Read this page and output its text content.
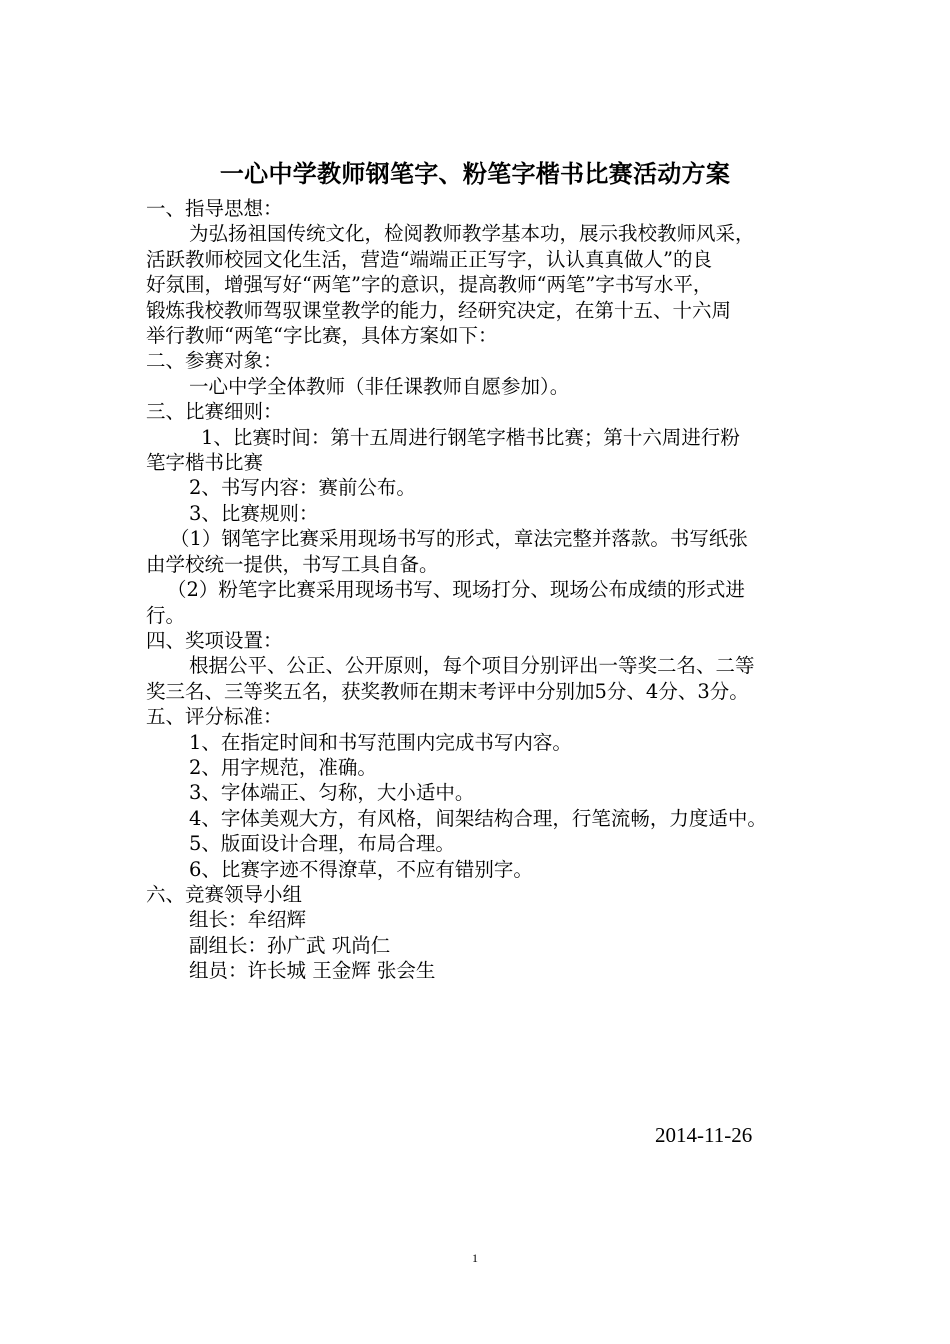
一心中学教师钢笔字、粉笔字楷书比赛活动方案
一、指导思想：
为弘扬祖国传统文化，检阅教师教学基本功，展示我校教师风采，
活跃教师校园文化生活，营造“端端正正写字，认认真真做人”的良
好氛围，增强写好“两笔”字的意识，提高教师“两笔”字书写水平，
锻炼我校教师驾驭课堂教学的能力，经研究决定，在第十五、十六周
举行教师“两笔“字比赛，具体方案如下：
二、参赛对象：
一心中学全体教师（非任课教师自愿参加）。
三、比赛细则：
1、比赛时间：第十五周进行钢笔字楷书比赛；第十六周进行粉
笔字楷书比赛
2、书写内容：赛前公布。
3、比赛规则：
（1）钢笔字比赛采用现场书写的形式，章法完整并落款。书写纸张
由学校统一提供，书写工具自备。
（2）粉笔字比赛采用现场书写、现场打分、现场公布成绩的形式进
行。
四、奖项设置：
根据公平、公正、公开原则，每个项目分别评出一等奖二名、二等
奖三名、三等奖五名，获奖教师在期末考评中分别加5分、4分、3分。
五、评分标准：
1、在指定时间和书写范围内完成书写内容。
2、用字规范，准确。
3、字体端正、匀称，大小适中。
4、字体美观大方，有风格，间架结构合理，行笔流畅，力度适中。
5、版面设计合理，布局合理。
6、比赛字迹不得潦草，不应有错别字。
六、竞赛领导小组
组长：牟绍辉
副组长：孙广武 巩尚仁
组员：许长城 王金辉 张会生
2014-11-26
1
